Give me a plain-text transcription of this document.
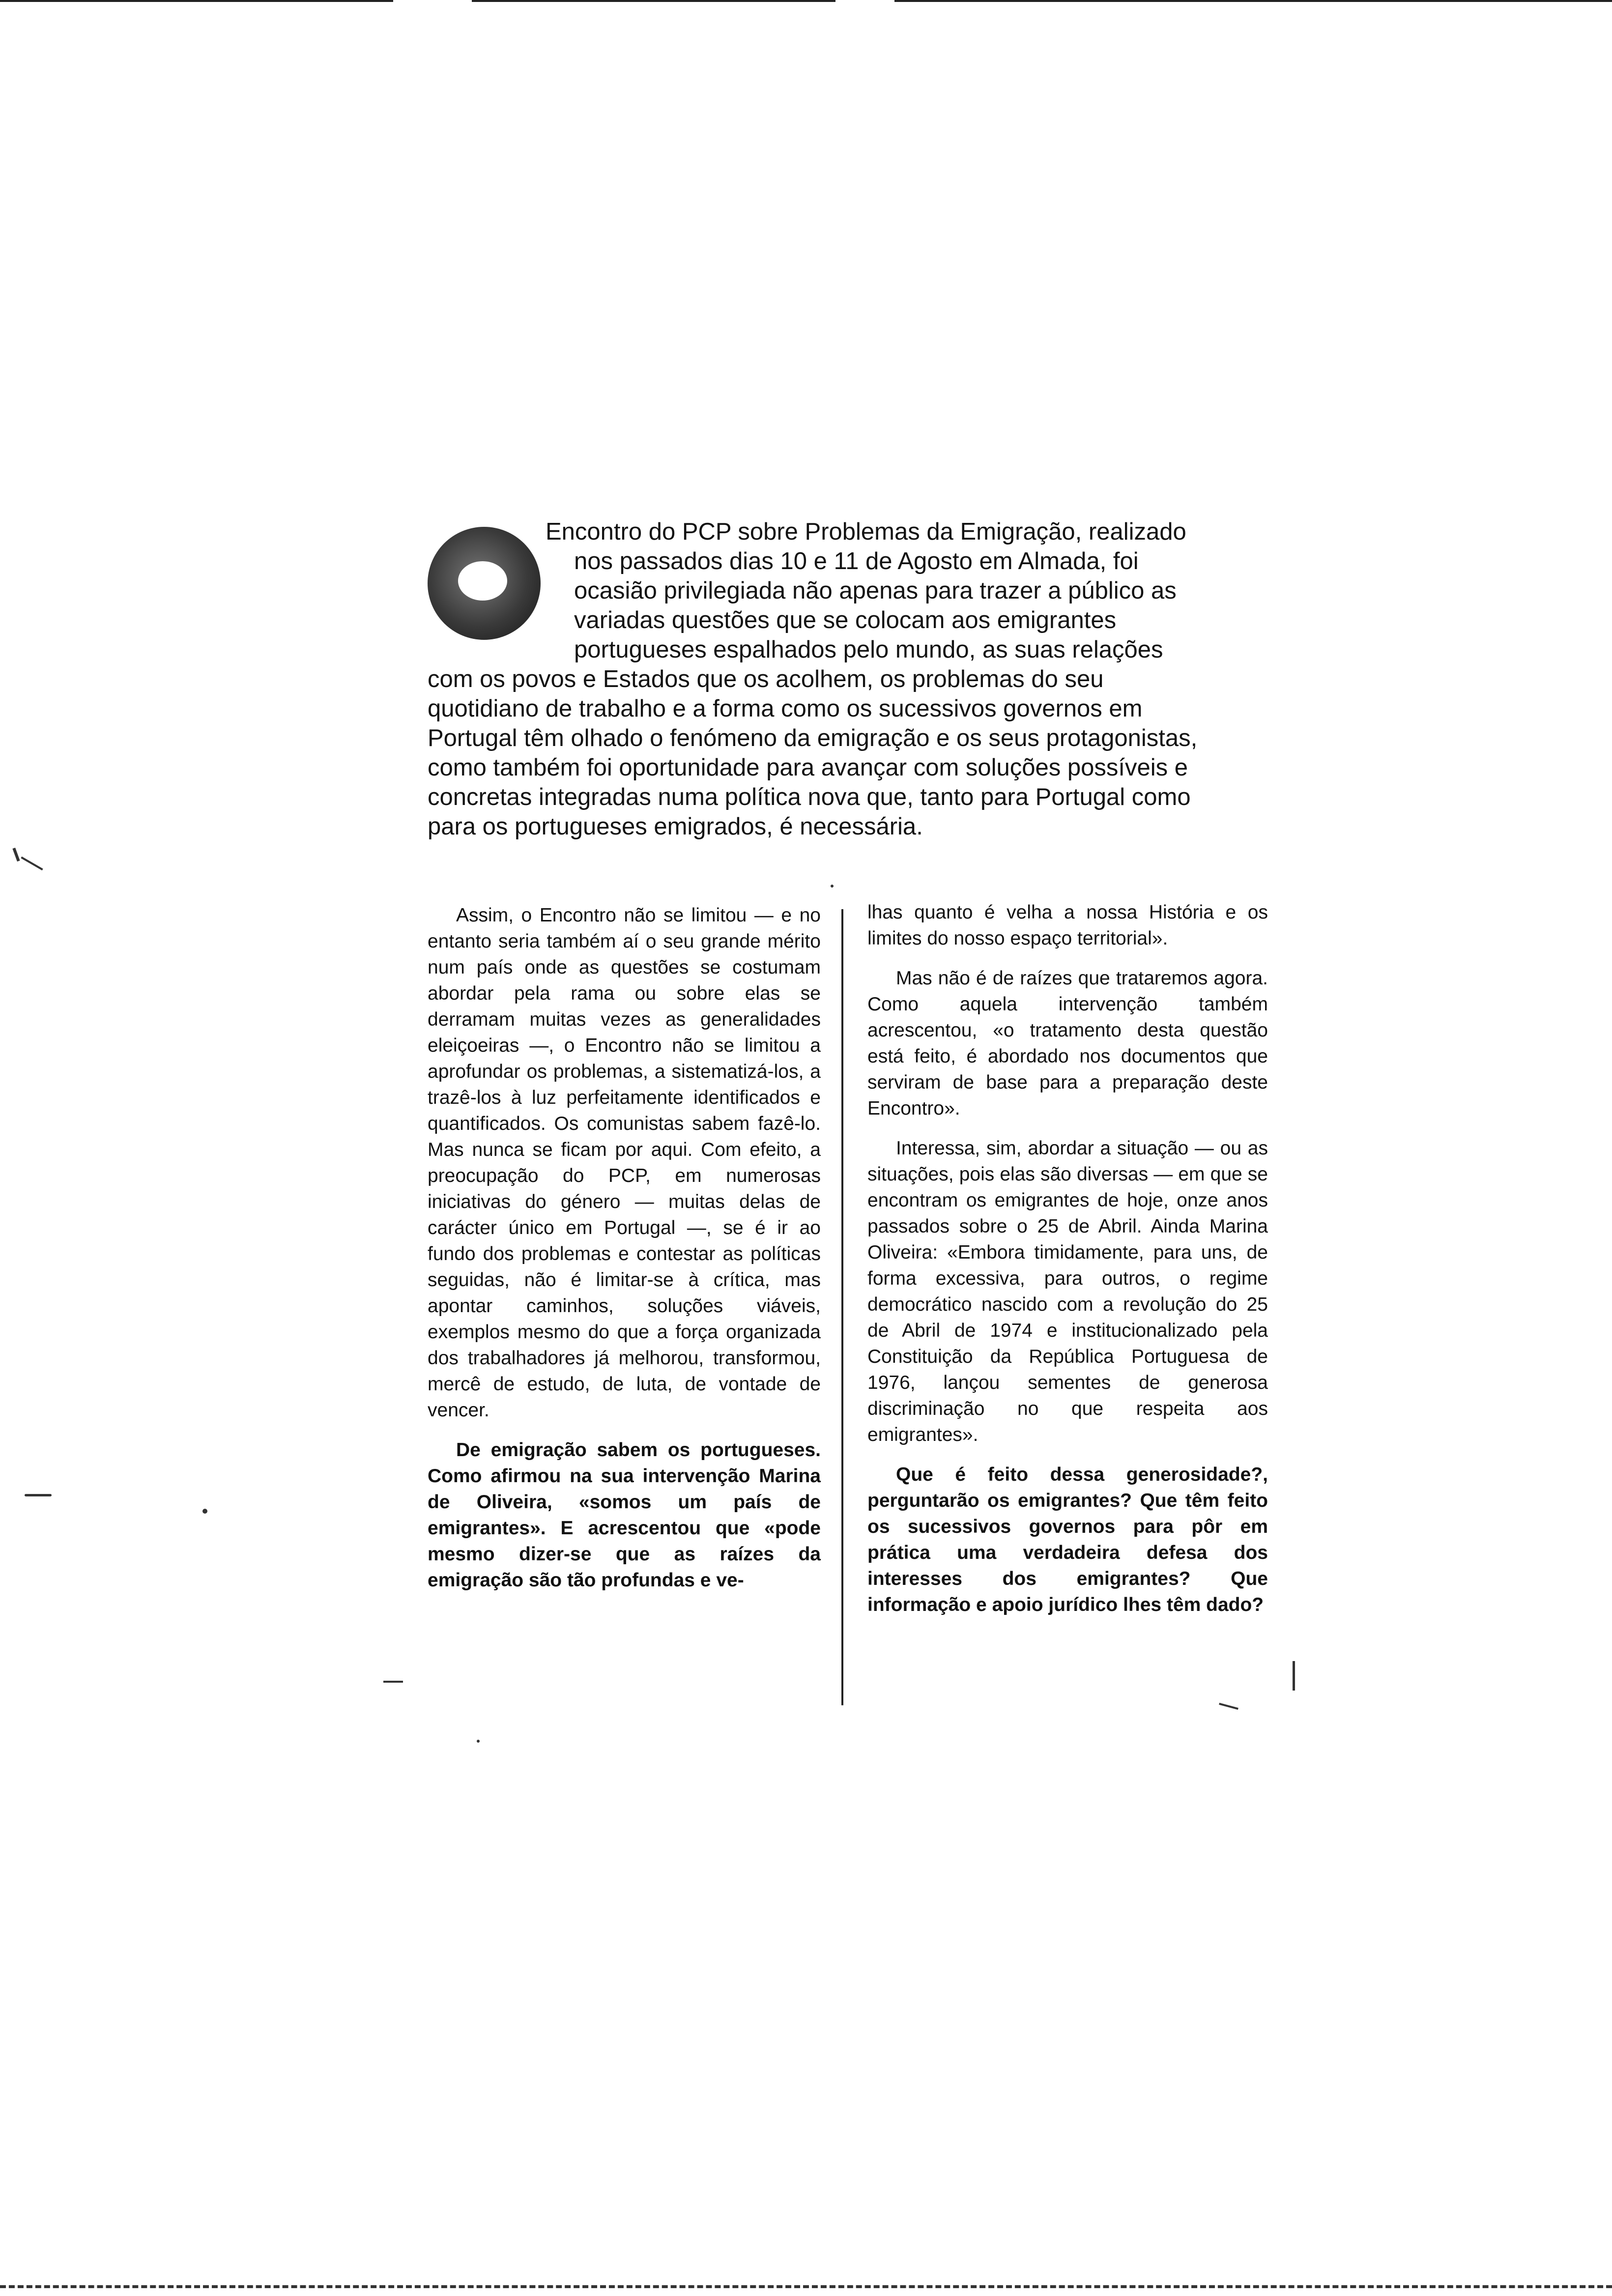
Encontro do PCP sobre Problemas da Emigração, realizado
nos passados dias 10 e 11 de Agosto em Almada, foi
ocasião privilegiada não apenas para trazer a público as
variadas questões que se colocam aos emigrantes
portugueses espalhados pelo mundo, as suas relações
com os povos e Estados que os acolhem, os problemas do seu
quotidiano de trabalho e a forma como os sucessivos governos em
Portugal têm olhado o fenómeno da emigração e os seus protagonistas,
como também foi oportunidade para avançar com soluções possíveis e
concretas integradas numa política nova que, tanto para Portugal como
para os portugueses emigrados, é necessária.

Assim, o Encontro não se limitou — e no entanto seria também aí o seu grande mérito num país onde as questões se costumam abordar pela rama ou sobre elas se derramam muitas vezes as generalidades eleiçoeiras —, o Encontro não se limitou a aprofundar os problemas, a sistematizá-los, a trazê-los à luz perfeitamente identificados e quantificados. Os comunistas sabem fazê-lo. Mas nunca se ficam por aqui. Com efeito, a preocupação do PCP, em numerosas iniciativas do género — muitas delas de carácter único em Portugal —, se é ir ao fundo dos problemas e contestar as políticas seguidas, não é limitar-se à crítica, mas apontar caminhos, soluções viáveis, exemplos mesmo do que a força organizada dos trabalhadores já melhorou, transformou, mercê de estudo, de luta, de vontade de vencer.

De emigração sabem os portugueses. Como afirmou na sua intervenção Marina de Oliveira, «somos um país de emigrantes». E acrescentou que «pode mesmo dizer-se que as raízes da emigração são tão profundas e ve-

lhas quanto é velha a nossa História e os limites do nosso espaço territorial».

Mas não é de raízes que trataremos agora. Como aquela intervenção também acrescentou, «o tratamento desta questão está feito, é abordado nos documentos que serviram de base para a preparação deste Encontro».

Interessa, sim, abordar a situação — ou as situações, pois elas são diversas — em que se encontram os emigrantes de hoje, onze anos passados sobre o 25 de Abril. Ainda Marina Oliveira: «Embora timidamente, para uns, de forma excessiva, para outros, o regime democrático nascido com a revolução do 25 de Abril de 1974 e institucionalizado pela Constituição da República Portuguesa de 1976, lançou sementes de generosa discriminação no que respeita aos emigrantes».

Que é feito dessa generosidade?, perguntarão os emigrantes? Que têm feito os sucessivos governos para pôr em prática uma verdadeira defesa dos interesses dos emigrantes? Que informação e apoio jurídico lhes têm dado?
